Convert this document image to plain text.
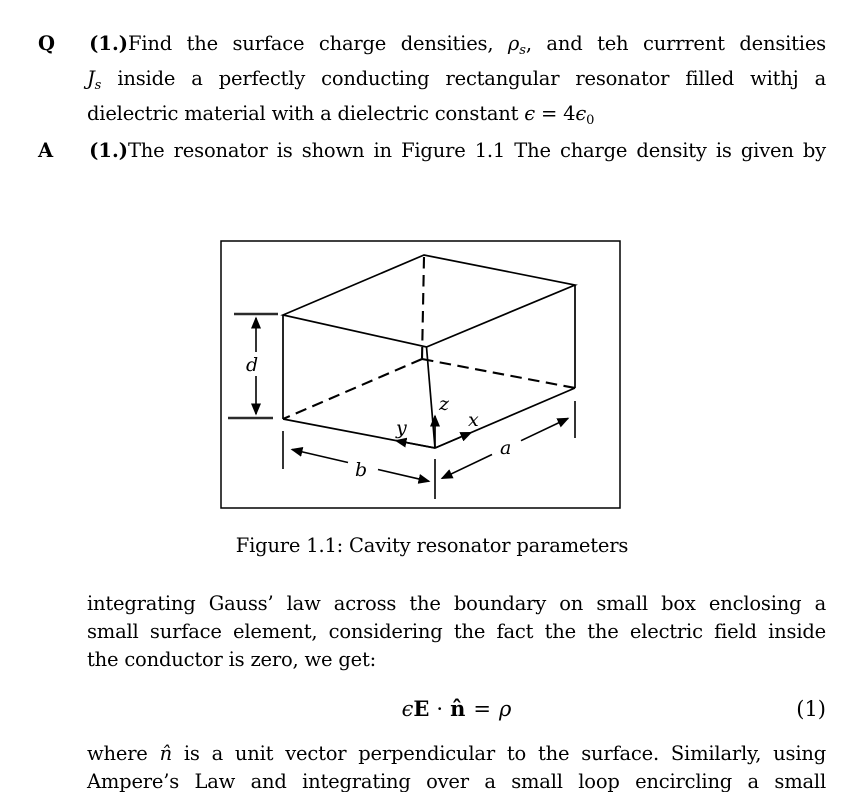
Q (1.)Find the surface charge densities, $\rho_s$, and teh currrent densities
$J_s$ inside a perfectly conducting rectangular resonator filled withj a
dielectric material with a dielectric constant $\epsilon = 4\epsilon_0$
A (1.)The resonator is shown in Figure 1.1 The charge density is given by
d
b
a
x
y
z
Figure 1.1: Cavity resonator parameters
integrating Gauss’ law across the boundary on small box enclosing a
small surface element, considering the fact the the electric field inside
the conductor is zero, we get:
ϵE · n̂ = ρ	(1)
where n̂ is a unit vector perpendicular to the surface. Similarly, using
Ampere’s Law and integrating over a small loop encircling a small
